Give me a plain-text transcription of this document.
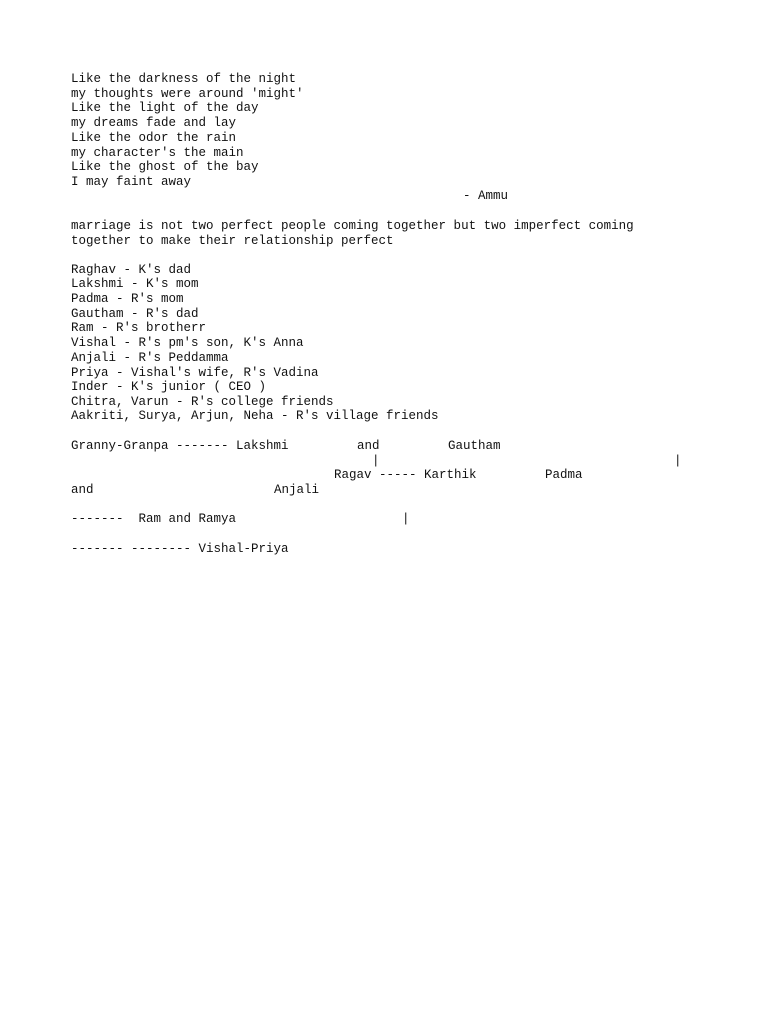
Like the darkness of the night
my thoughts were around 'might'
Like the light of the day
my dreams fade and lay
Like the odor the rain
my character's the main
Like the ghost of the bay
I may faint away
- Ammu
marriage is not two perfect people coming together but two imperfect coming
together to make their relationship perfect
Raghav - K's dad
Lakshmi - K's mom
Padma - R's mom
Gautham - R's dad
Ram - R's brotherr
Vishal - R's pm's son, K's Anna
Anjali - R's Peddamma
Priya - Vishal's wife, R's Vadina
Inder - K's junior ( CEO )
Chitra, Varun - R's college friends
Aakriti, Surya, Arjun, Neha - R's village friends
Granny-Granpa ------- Lakshmi	and	Gautham
|	|
Ragav ----- Karthik	Padma
and	Anjali
-------  Ram and Ramya	|
------- -------- Vishal-Priya
